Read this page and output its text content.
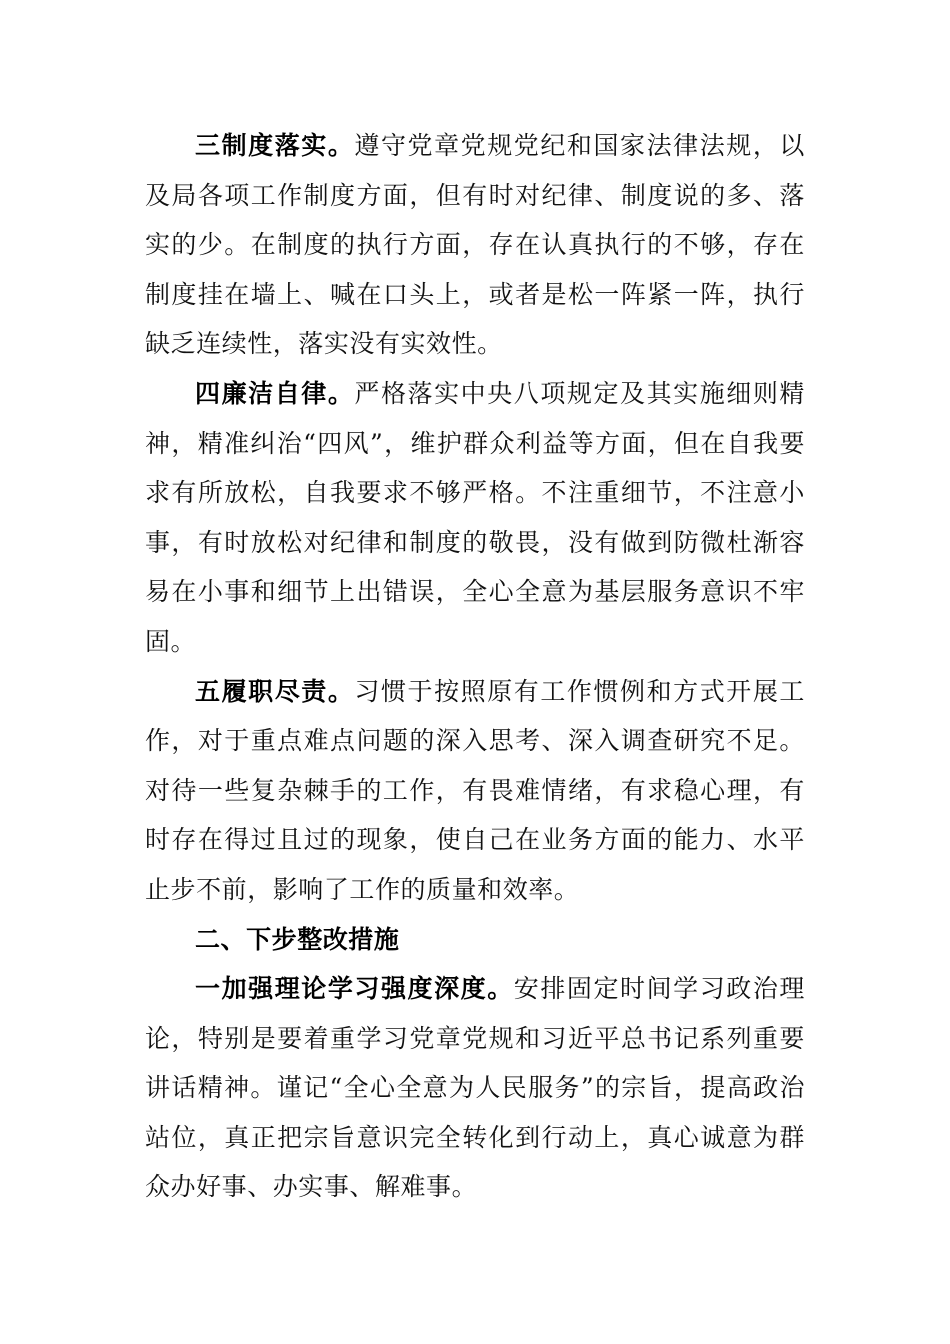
三制度落实。遵守党章党规党纪和国家法律法规，以及局各项工作制度方面，但有时对纪律、制度说的多、落实的少。在制度的执行方面，存在认真执行的不够，存在制度挂在墙上、喊在口头上，或者是松一阵紧一阵，执行缺乏连续性，落实没有实效性。

四廉洁自律。严格落实中央八项规定及其实施细则精神，精准纠治“四风”，维护群众利益等方面，但在自我要求有所放松，自我要求不够严格。不注重细节，不注意小事，有时放松对纪律和制度的敬畏，没有做到防微杜渐容易在小事和细节上出错误，全心全意为基层服务意识不牢固。

五履职尽责。习惯于按照原有工作惯例和方式开展工作，对于重点难点问题的深入思考、深入调查研究不足。对待一些复杂棘手的工作，有畏难情绪，有求稳心理，有时存在得过且过的现象，使自己在业务方面的能力、水平止步不前，影响了工作的质量和效率。

二、下步整改措施

一加强理论学习强度深度。安排固定时间学习政治理论，特别是要着重学习党章党规和习近平总书记系列重要讲话精神。谨记“全心全意为人民服务”的宗旨，提高政治站位，真正把宗旨意识完全转化到行动上，真心诚意为群众办好事、办实事、解难事。
